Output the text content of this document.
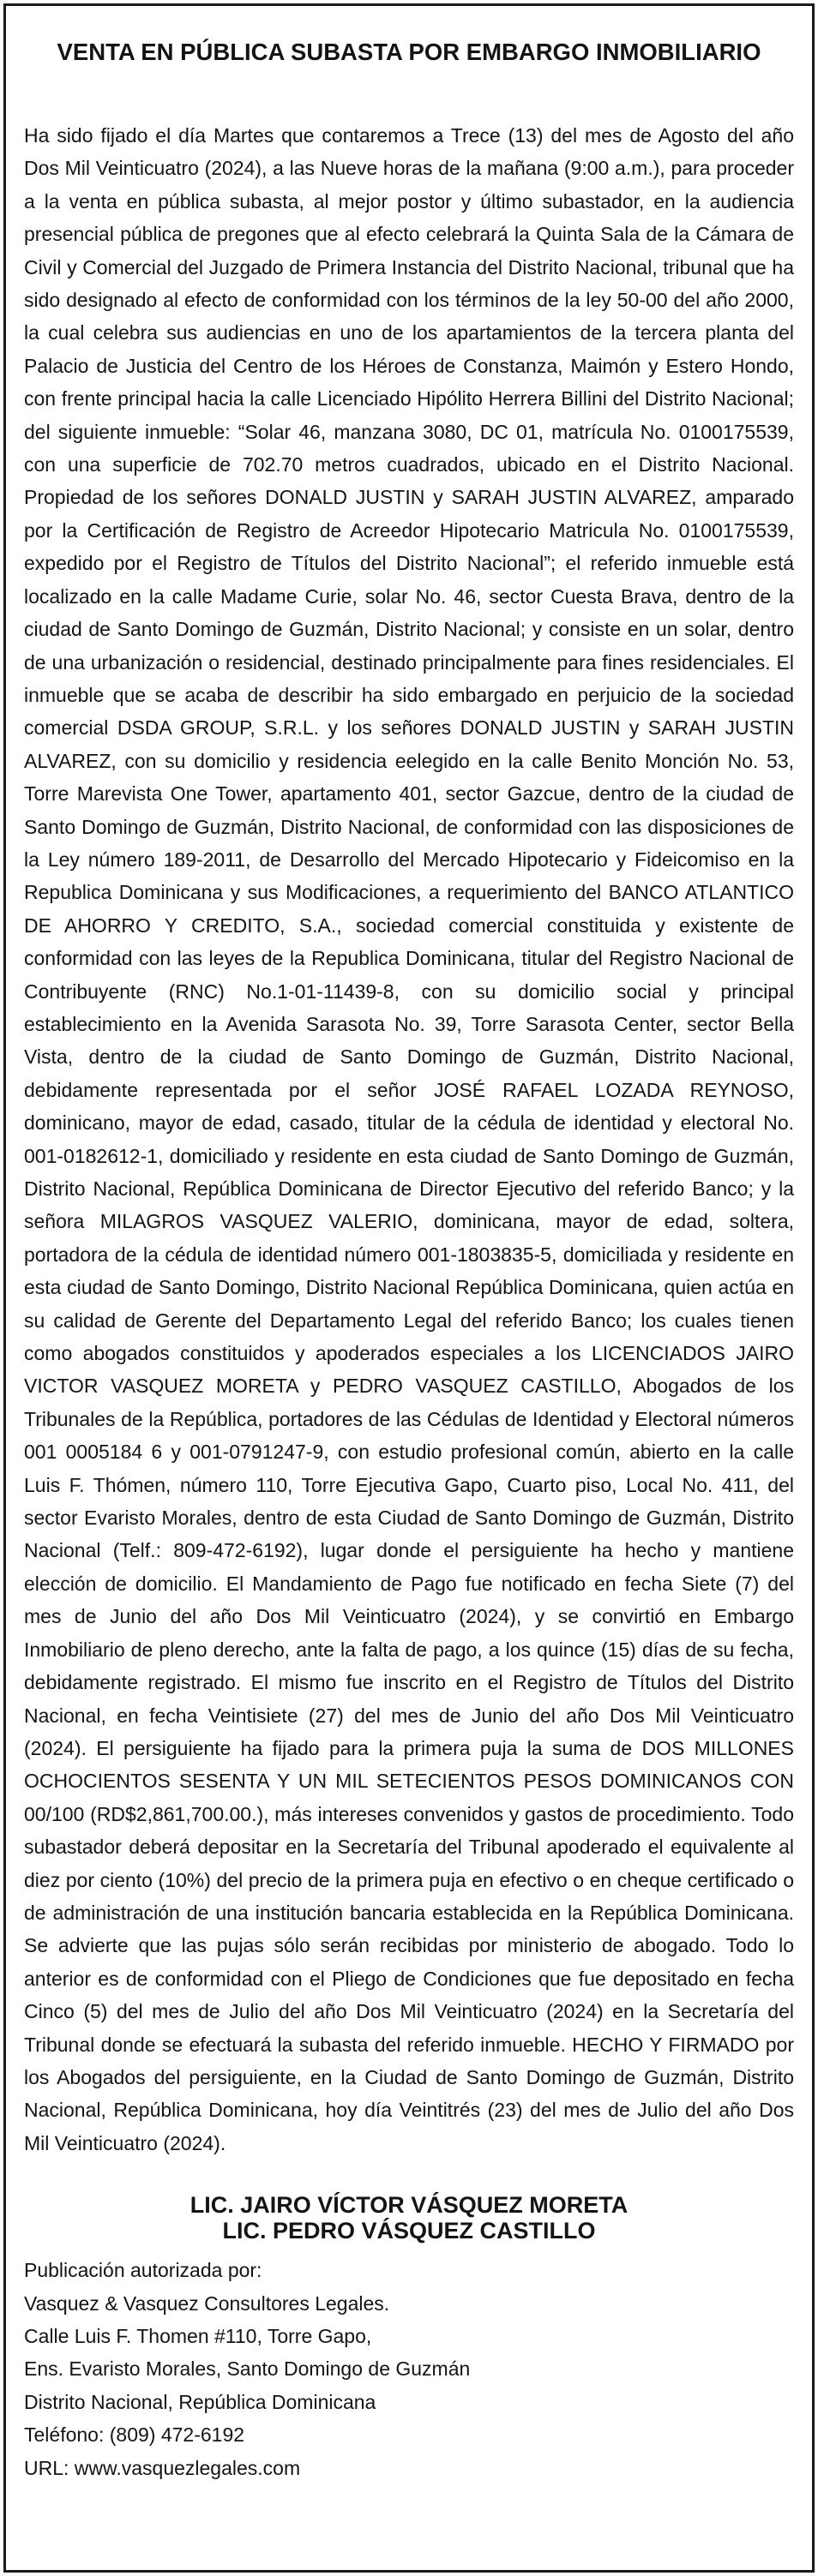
VENTA EN PÚBLICA SUBASTA POR EMBARGO INMOBILIARIO

Ha sido fijado el día Martes que contaremos a Trece (13) del mes de Agosto del año Dos Mil Veinticuatro (2024), a las Nueve horas de la mañana (9:00 a.m.), para proceder a la venta en pública subasta, al mejor postor y último subastador, en la audiencia presencial pública de pregones que al efecto celebrará la Quinta Sala de la Cámara de Civil y Comercial del Juzgado de Primera Instancia del Distrito Nacional, tribunal que ha sido designado al efecto de conformidad con los términos de la ley 50-00 del año 2000, la cual celebra sus audiencias en uno de los apartamientos de la tercera planta del Palacio de Justicia del Centro de los Héroes de Constanza, Maimón y Estero Hondo, con frente principal hacia la calle Licenciado Hipólito Herrera Billini del Distrito Nacional; del siguiente inmueble: “Solar 46, manzana 3080, DC 01, matrícula No. 0100175539, con una superficie de 702.70 metros cuadrados, ubicado en el Distrito Nacional. Propiedad de los señores DONALD JUSTIN y SARAH JUSTIN ALVAREZ, amparado por la Certificación de Registro de Acreedor Hipotecario Matricula No. 0100175539, expedido por el Registro de Títulos del Distrito Nacional”; el referido inmueble está localizado en la calle Madame Curie, solar No. 46, sector Cuesta Brava, dentro de la ciudad de Santo Domingo de Guzmán, Distrito Nacional; y consiste en un solar, dentro de una urbanización o residencial, destinado principalmente para fines residenciales. El inmueble que se acaba de describir ha sido embargado en perjuicio de la sociedad comercial DSDA GROUP, S.R.L. y los señores DONALD JUSTIN y SARAH JUSTIN ALVAREZ, con su domicilio y residencia eelegido en la calle Benito Monción No. 53, Torre Marevista One Tower, apartamento 401, sector Gazcue, dentro de la ciudad de Santo Domingo de Guzmán, Distrito Nacional, de conformidad con las disposiciones de la Ley número 189-2011, de Desarrollo del Mercado Hipotecario y Fideicomiso en la Republica Dominicana y sus Modificaciones, a requerimiento del BANCO ATLANTICO DE AHORRO Y CREDITO, S.A., sociedad comercial constituida y existente de conformidad con las leyes de la Republica Dominicana, titular del Registro Nacional de Contribuyente (RNC) No.1-01-11439-8, con su domicilio social y principal establecimiento en la Avenida Sarasota No. 39, Torre Sarasota Center, sector Bella Vista, dentro de la ciudad de Santo Domingo de Guzmán, Distrito Nacional, debidamente representada por el señor JOSÉ RAFAEL LOZADA REYNOSO, dominicano, mayor de edad, casado, titular de la cédula de identidad y electoral No. 001-0182612-1, domiciliado y residente en esta ciudad de Santo Domingo de Guzmán, Distrito Nacional, República Dominicana de Director Ejecutivo del referido Banco; y la señora MILAGROS VASQUEZ VALERIO, dominicana, mayor de edad, soltera, portadora de la cédula de identidad número 001-1803835-5, domiciliada y residente en esta ciudad de Santo Domingo, Distrito Nacional República Dominicana, quien actúa en su calidad de Gerente del Departamento Legal del referido Banco; los cuales tienen como abogados constituidos y apoderados especiales a los LICENCIADOS JAIRO VICTOR VASQUEZ MORETA y PEDRO VASQUEZ CASTILLO, Abogados de los Tribunales de la República, portadores de las Cédulas de Identidad y Electoral números 001 0005184 6 y 001-0791247-9, con estudio profesional común, abierto en la calle Luis F. Thómen, número 110, Torre Ejecutiva Gapo, Cuarto piso, Local No. 411, del sector Evaristo Morales, dentro de esta Ciudad de Santo Domingo de Guzmán, Distrito Nacional (Telf.: 809-472-6192), lugar donde el persiguiente ha hecho y mantiene elección de domicilio. El Mandamiento de Pago fue notificado en fecha Siete (7) del mes de Junio del año Dos Mil Veinticuatro (2024), y se convirtió en Embargo Inmobiliario de pleno derecho, ante la falta de pago, a los quince (15) días de su fecha, debidamente registrado. El mismo fue inscrito en el Registro de Títulos del Distrito Nacional, en fecha Veintisiete (27) del mes de Junio del año Dos Mil Veinticuatro (2024). El persiguiente ha fijado para la primera puja la suma de DOS MILLONES OCHOCIENTOS SESENTA Y UN MIL SETECIENTOS PESOS DOMINICANOS CON 00/100 (RD$2,861,700.00.), más intereses convenidos y gastos de procedimiento. Todo subastador deberá depositar en la Secretaría del Tribunal apoderado el equivalente al diez por ciento (10%) del precio de la primera puja en efectivo o en cheque certificado o de administración de una institución bancaria establecida en la República Dominicana. Se advierte que las pujas sólo serán recibidas por ministerio de abogado. Todo lo anterior es de conformidad con el Pliego de Condiciones que fue depositado en fecha Cinco (5) del mes de Julio del año Dos Mil Veinticuatro (2024) en la Secretaría del Tribunal donde se efectuará la subasta del referido inmueble. HECHO Y FIRMADO por los Abogados del persiguiente, en la Ciudad de Santo Domingo de Guzmán, Distrito Nacional, República Dominicana, hoy día Veintitrés (23) del mes de Julio del año Dos Mil Veinticuatro (2024).

LIC. JAIRO VÍCTOR VÁSQUEZ MORETA
LIC. PEDRO VÁSQUEZ CASTILLO
Publicación autorizada por:
Vasquez & Vasquez Consultores Legales.
Calle Luis F. Thomen #110, Torre Gapo,
Ens. Evaristo Morales, Santo Domingo de Guzmán
Distrito Nacional, República Dominicana
Teléfono: (809) 472-6192
URL: www.vasquezlegales.com
